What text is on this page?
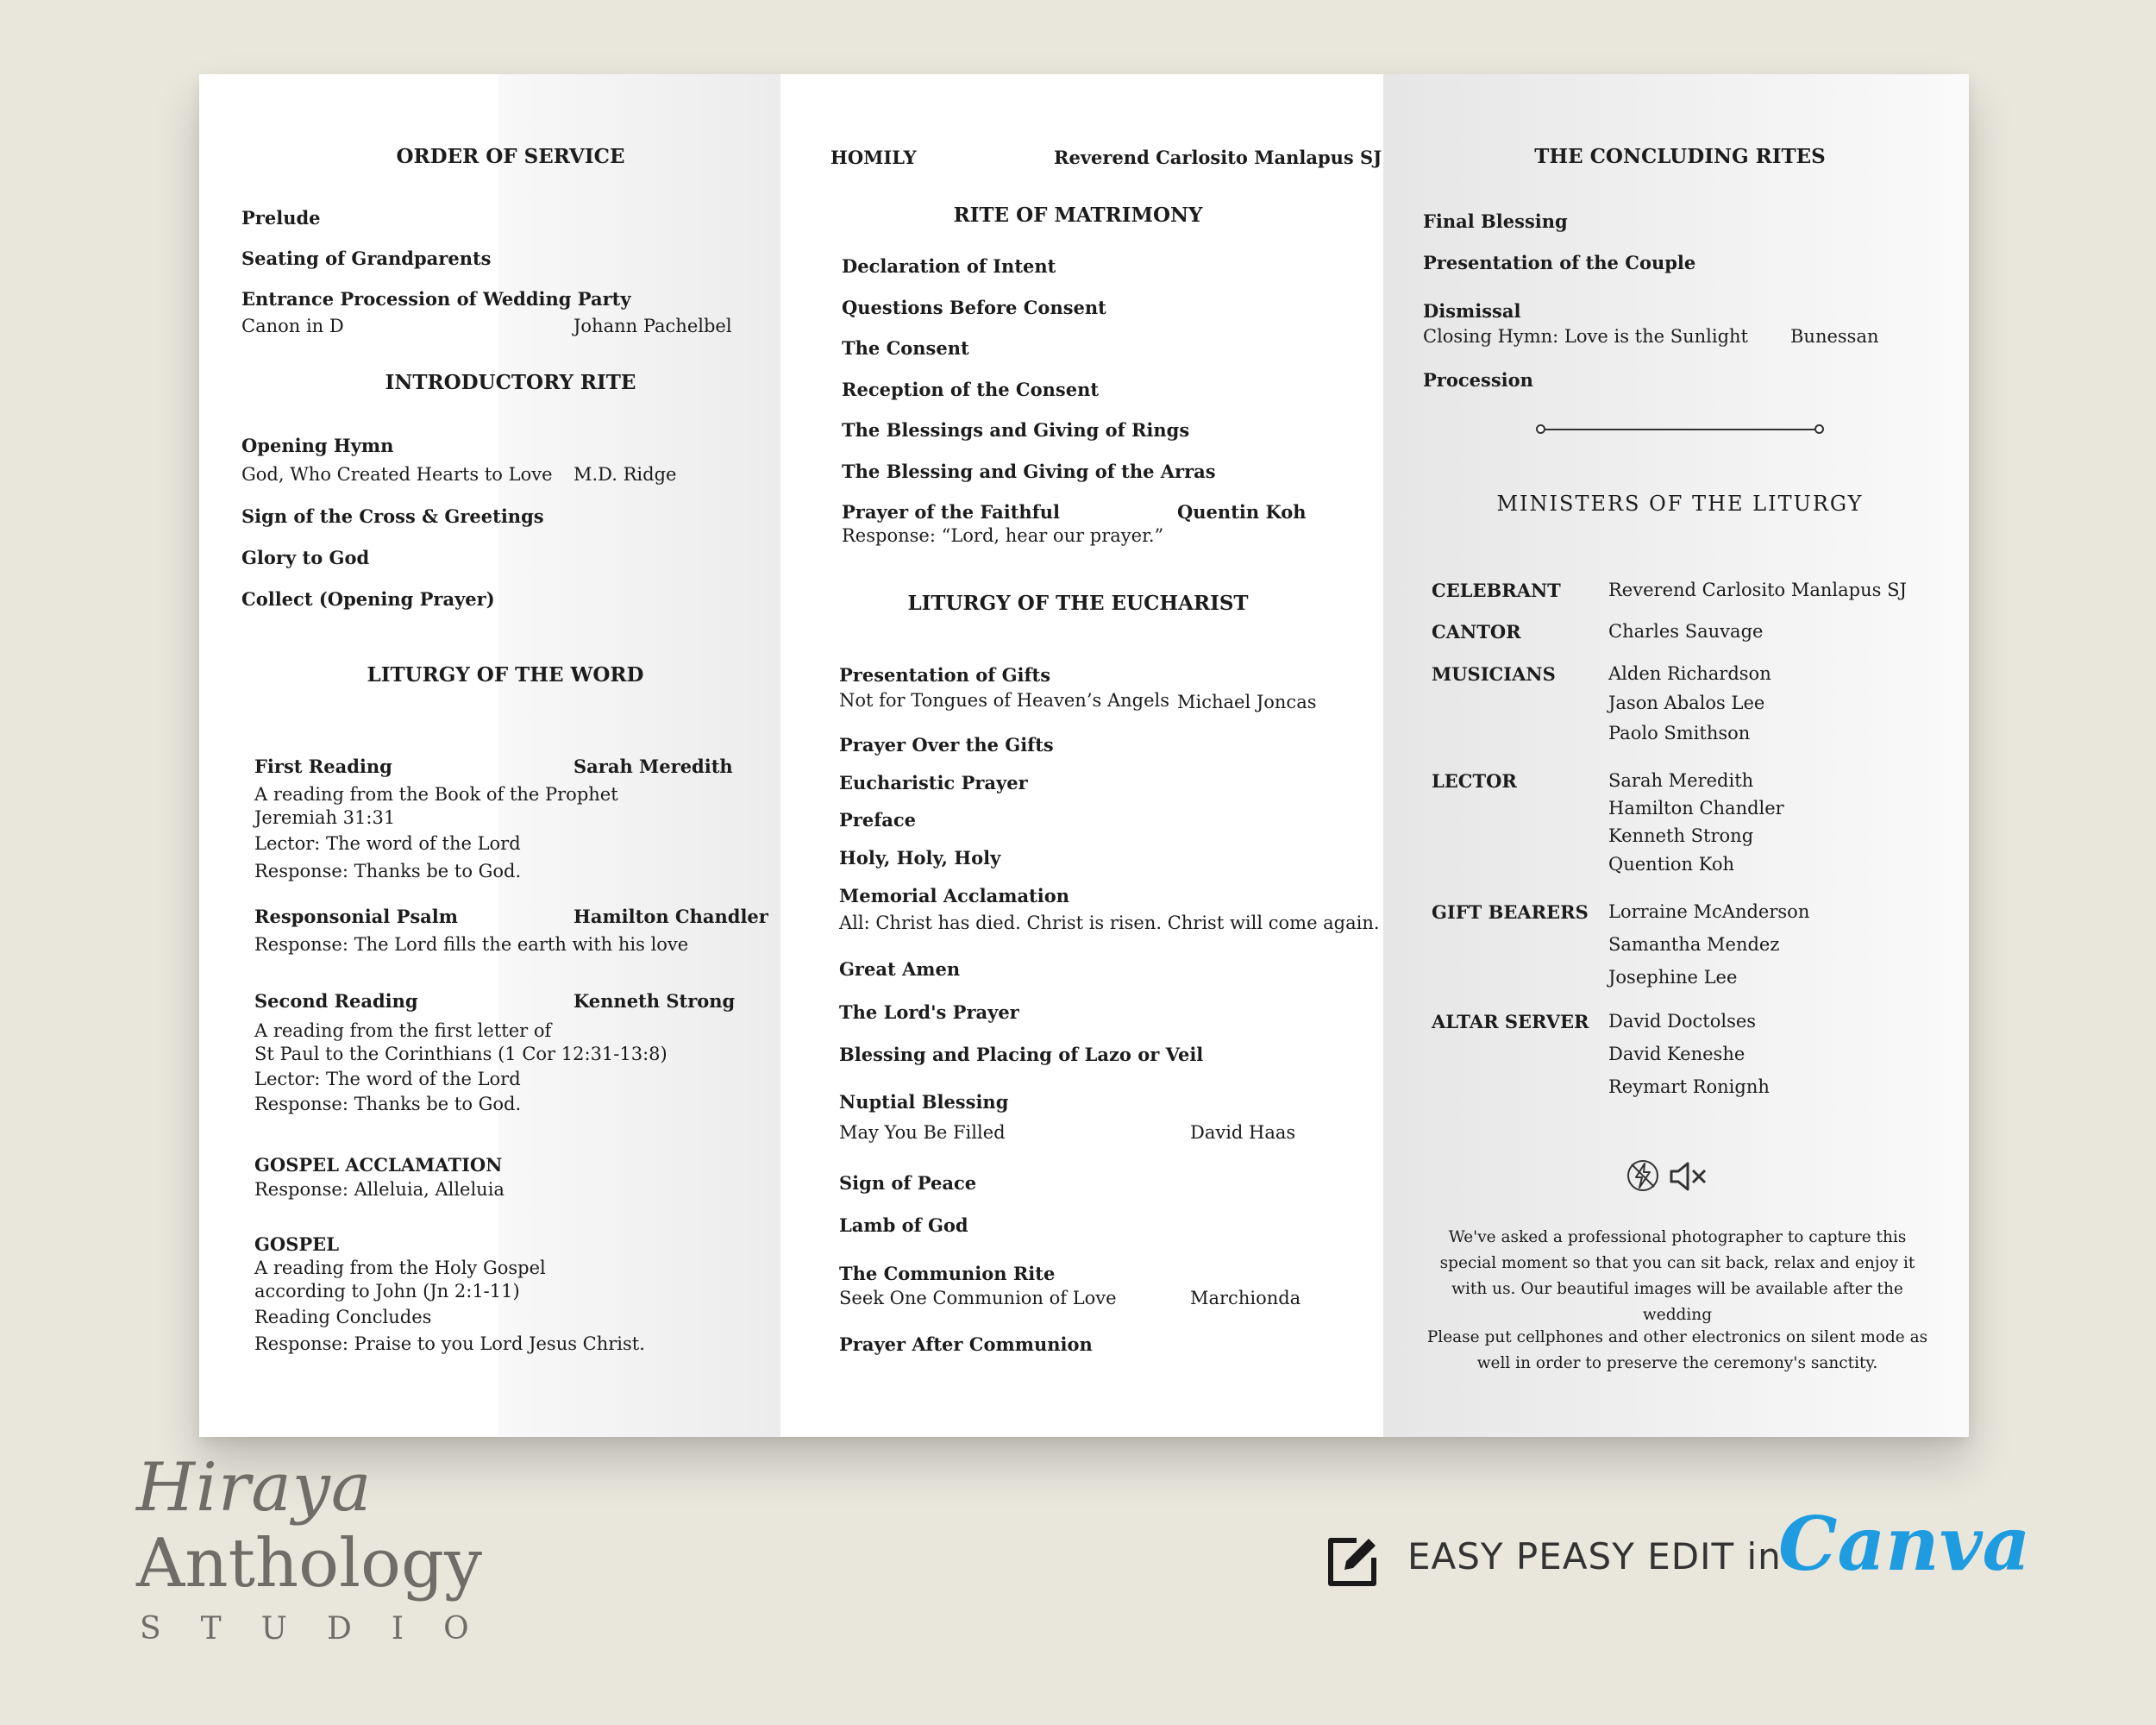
ORDER OF SERVICE
Prelude
Seating of Grandparents
Entrance Procession of Wedding Party
Canon in D	Johann Pachelbel
INTRODUCTORY RITE
Opening Hymn
God, Who Created Hearts to Love M.D. Ridge
Sign of the Cross & Greetings
Glory to God
Collect (Opening Prayer)
LITURGY OF THE WORD
First Reading	Sarah Meredith
A reading from the Book of the Prophet
Jeremiah 31:31
Lector: The word of the Lord
Response: Thanks be to God.
Responsonial Psalm	Hamilton Chandler
Response: The Lord fills the earth with his love
Second Reading	Kenneth Strong
A reading from the first letter of
St Paul to the Corinthians (1 Cor 12:31-13:8)
Lector: The word of the Lord
Response: Thanks be to God.
GOSPEL ACCLAMATION
Response: Alleluia, Alleluia
GOSPEL
A reading from the Holy Gospel
according to John (Jn 2:1-11)
Reading Concludes
Response: Praise to you Lord Jesus Christ.
HOMILY	Reverend Carlosito Manlapus SJ
RITE OF MATRIMONY
Declaration of Intent
Questions Before Consent
The Consent
Reception of the Consent
The Blessings and Giving of Rings
The Blessing and Giving of the Arras
Prayer of the Faithful	Quentin Koh
Response: “Lord, hear our prayer.”
LITURGY OF THE EUCHARIST
Presentation of Gifts
Not for Tongues of Heaven’s Angels Michael Joncas
Prayer Over the Gifts
Eucharistic Prayer
Preface
Holy, Holy, Holy
Memorial Acclamation
All: Christ has died. Christ is risen. Christ will come again.
Great Amen
The Lord's Prayer
Blessing and Placing of Lazo or Veil
Nuptial Blessing
May You Be Filled	David Haas
Sign of Peace
Lamb of God
The Communion Rite
Seek One Communion of Love	Marchionda
Prayer After Communion
THE CONCLUDING RITES
Final Blessing
Presentation of the Couple
Dismissal
Closing Hymn: Love is the Sunlight Bunessan
Procession
MINISTERS OF THE LITURGY
CELEBRANT	Reverend Carlosito Manlapus SJ
CANTOR	Charles Sauvage
MUSICIANS	Alden Richardson
Jason Abalos Lee
Paolo Smithson
LECTOR	Sarah Meredith
Hamilton Chandler
Kenneth Strong
Quention Koh
GIFT BEARERS Lorraine McAnderson
Samantha Mendez
Josephine Lee
ALTAR SERVER David Doctolses
David Keneshe
Reymart Ronignh
We've asked a professional photographer to capture this special moment so that you can sit back, relax and enjoy it with us. Our beautiful images will be available after the wedding
Please put cellphones and other electronics on silent mode as well in order to preserve the ceremony's sanctity.
Hiraya
Anthology
STUDIO
EASY PEASY EDIT in
Canva
